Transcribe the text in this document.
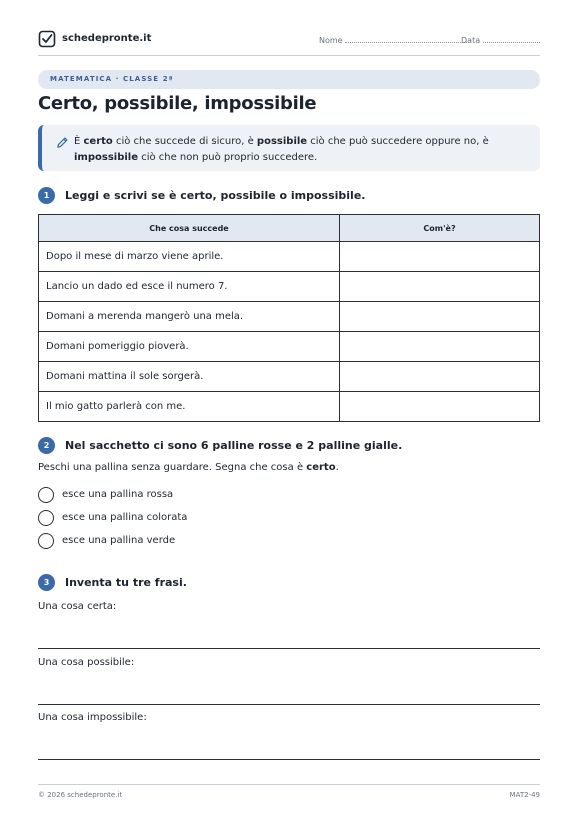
schedepronte.it	Nome	Data
MATEMATICA · CLASSE 2ª
Certo, possibile, impossibile
È certo ciò che succede di sicuro, è possibile ciò che può succedere oppure no, è impossibile ciò che non può proprio succedere.
1	Leggi e scrivi se è certo, possibile o impossibile.
Che cosa succede	Com'è?
Dopo il mese di marzo viene aprile.	
Lancio un dado ed esce il numero 7.	
Domani a merenda mangerò una mela.	
Domani pomeriggio pioverà.	
Domani mattina il sole sorgerà.	
Il mio gatto parlerà con me.	
2	Nel sacchetto ci sono 6 palline rosse e 2 palline gialle.
Peschi una pallina senza guardare. Segna che cosa è certo.
esce una pallina rossa
esce una pallina colorata
esce una pallina verde
3	Inventa tu tre frasi.
Una cosa certa:
Una cosa possibile:
Una cosa impossibile:
© 2026 schedepronte.it	MAT2-49
